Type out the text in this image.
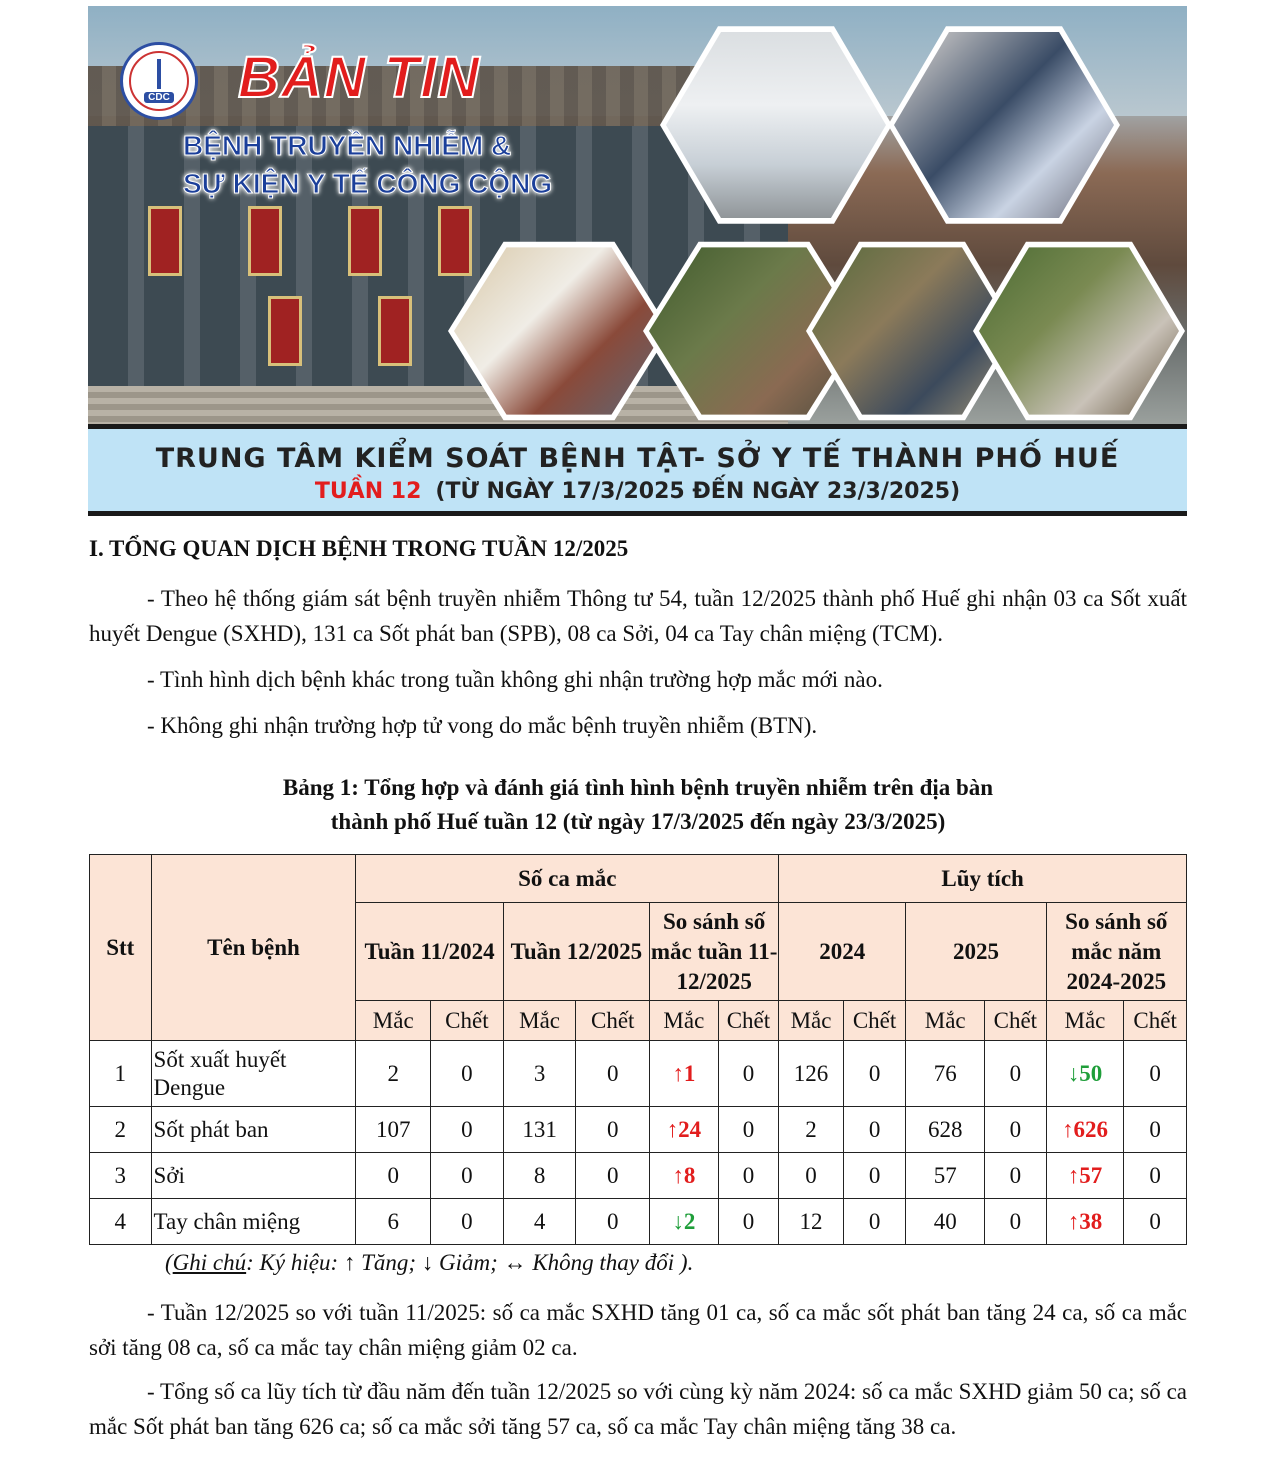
CDC BẢN TIN
BỆNH TRUYỀN NHIỄM &
SỰ KIỆN Y TẾ CÔNG CỘNG
TRUNG TÂM KIỂM SOÁT BỆNH TẬT- SỞ Y TẾ THÀNH PHỐ HUẾ
TUẦN 12 (TỪ NGÀY 17/3/2025 ĐẾN NGÀY 23/3/2025)
I. TỔNG QUAN DỊCH BỆNH TRONG TUẦN 12/2025
- Theo hệ thống giám sát bệnh truyền nhiễm Thông tư 54, tuần 12/2025 thành phố Huế ghi nhận 03 ca Sốt xuất huyết Dengue (SXHD), 131 ca Sốt phát ban (SPB), 08 ca Sởi, 04 ca Tay chân miệng (TCM).
- Tình hình dịch bệnh khác trong tuần không ghi nhận trường hợp mắc mới nào.
- Không ghi nhận trường hợp tử vong do mắc bệnh truyền nhiễm (BTN).
Bảng 1: Tổng hợp và đánh giá tình hình bệnh truyền nhiễm trên địa bàn
thành phố Huế tuần 12 (từ ngày 17/3/2025 đến ngày 23/3/2025)
Stt	Tên bệnh	Số ca mắc						Lũy tích					
		Tuần 11/2024		Tuần 12/2025		So sánh số mắc tuần 11-12/2025		2024		2025		So sánh số mắc năm 2024-2025	
		Mắc	Chết	Mắc	Chết	Mắc	Chết	Mắc	Chết	Mắc	Chết	Mắc	Chết
1	Sốt xuất huyết Dengue	2	0	3	0	↑1	0	126	0	76	0	↓50	0
2	Sốt phát ban	107	0	131	0	↑24	0	2	0	628	0	↑626	0
3	Sởi	0	0	8	0	↑8	0	0	0	57	0	↑57	0
4	Tay chân miệng	6	0	4	0	↓2	0	12	0	40	0	↑38	0
(Ghi chú: Ký hiệu: ↑ Tăng; ↓ Giảm; ↔ Không thay đổi ).
- Tuần 12/2025 so với tuần 11/2025: số ca mắc SXHD tăng 01 ca, số ca mắc sốt phát ban tăng 24 ca, số ca mắc sởi tăng 08 ca, số ca mắc tay chân miệng giảm 02 ca.
- Tổng số ca lũy tích từ đầu năm đến tuần 12/2025 so với cùng kỳ năm 2024: số ca mắc SXHD giảm 50 ca; số ca mắc Sốt phát ban tăng 626 ca; số ca mắc sởi tăng 57 ca, số ca mắc Tay chân miệng tăng 38 ca.
